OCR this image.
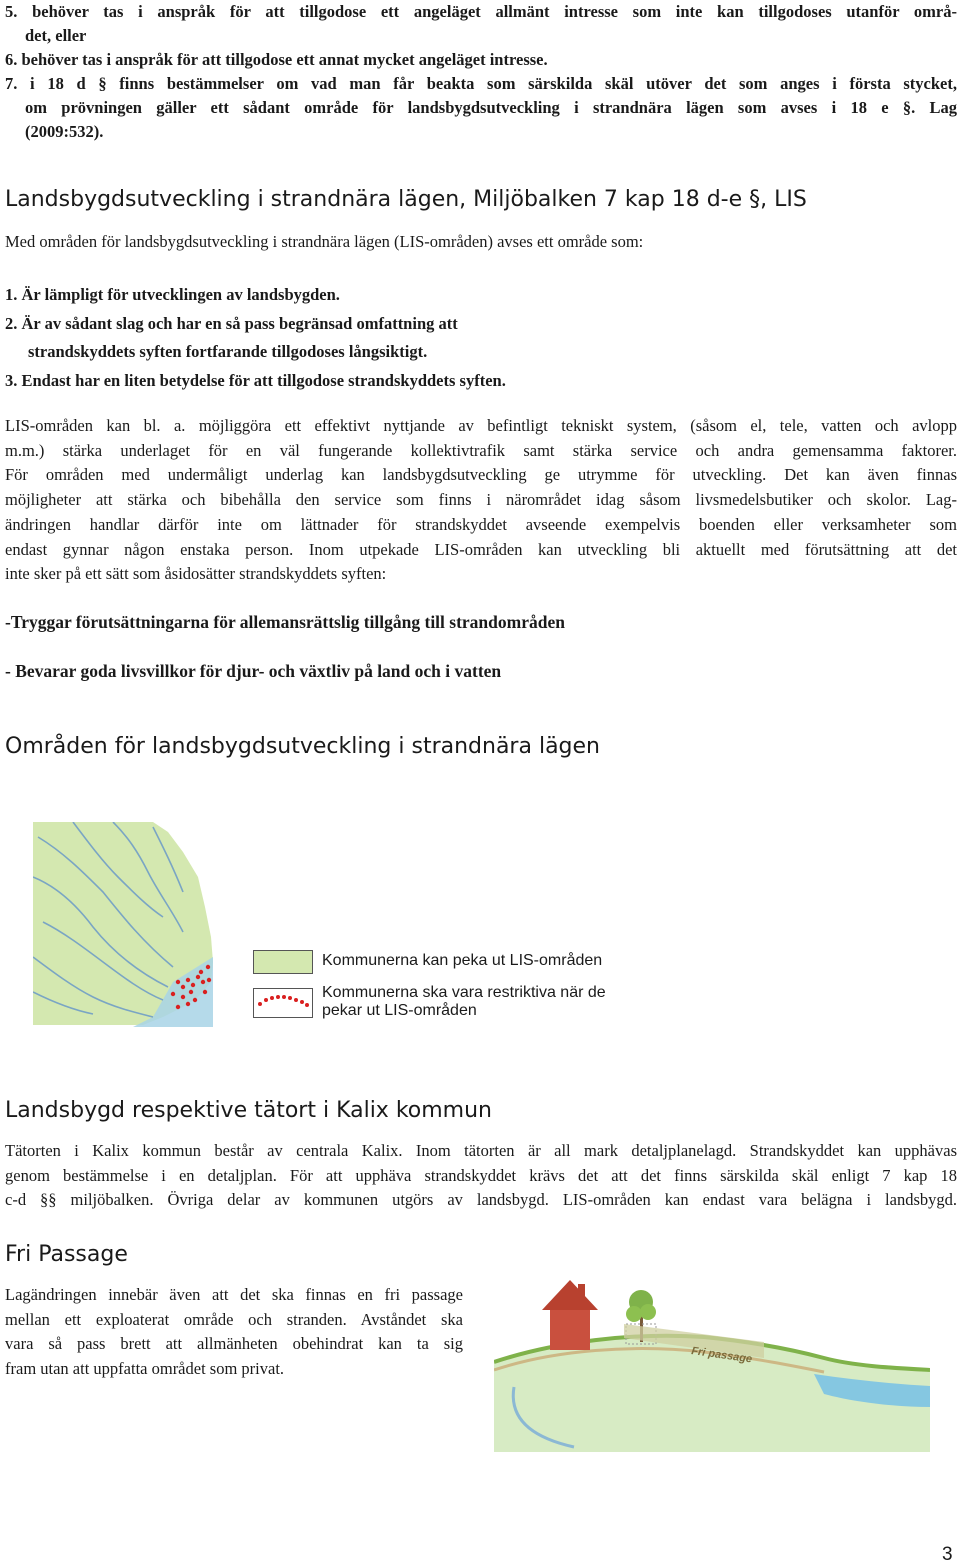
5. behöver tas i anspråk för att tillgodose ett angeläget allmänt intresse som inte kan tillgodoses utanför områ-
det, eller
6. behöver tas i anspråk för att tillgodose ett annat mycket angeläget intresse.
7. i 18 d § finns bestämmelser om vad man får beakta som särskilda skäl utöver det som anges i första stycket,
om prövningen gäller ett sådant område för landsbygdsutveckling i strandnära lägen som avses i 18 e §. Lag
(2009:532).
Landsbygdsutveckling i strandnära lägen, Miljöbalken 7 kap 18 d-e §, LIS
Med områden för landsbygdsutveckling i strandnära lägen (LIS-områden) avses ett område som:
1. Är lämpligt för utvecklingen av landsbygden.
2. Är av sådant slag och har en så pass begränsad omfattning att
strandskyddets syften fortfarande tillgodoses långsiktigt.
3. Endast har en liten betydelse för att tillgodose strandskyddets syften.
LIS-områden kan bl. a. möjliggöra ett effektivt nyttjande av befintligt tekniskt system, (såsom el, tele, vatten och avlopp
m.m.) stärka underlaget för en väl fungerande kollektivtrafik samt stärka service och andra gemensamma faktorer.
För områden med undermåligt underlag kan landsbygdsutveckling ge utrymme för utveckling. Det kan även finnas
möjligheter att stärka och bibehålla den service som finns i närområdet idag såsom livsmedelsbutiker och skolor. Lag-
ändringen handlar därför inte om lättnader för strandskyddet avseende exempelvis boenden eller verksamheter som
endast gynnar någon enstaka person. Inom utpekade LIS-områden kan utveckling bli aktuellt med förutsättning att det
inte sker på ett sätt som åsidosätter strandskyddets syften:
-Tryggar förutsättningarna för allemansrättslig tillgång till strandområden
- Bevarar goda livsvillkor för djur- och växtliv på land och i vatten
Områden för landsbygdsutveckling i strandnära lägen
Kommunerna kan peka ut LIS-områden
Kommunerna ska vara restriktiva när de
pekar ut LIS-områden
Landsbygd respektive tätort i Kalix kommun
Tätorten i Kalix kommun består av centrala Kalix. Inom tätorten är all mark detaljplanelagd. Strandskyddet kan upphävas
genom bestämmelse i en detaljplan. För att upphäva strandskyddet krävs det att det finns särskilda skäl enligt 7 kap 18
c-d §§ miljöbalken. Övriga delar av kommunen utgörs av landsbygd. LIS-områden kan endast vara belägna i landsbygd.
Fri Passage
Lagändringen innebär även att det ska finnas en fri passage
mellan ett exploaterat område och stranden. Avståndet ska
vara så pass brett att allmänheten obehindrat kan ta sig
fram utan att uppfatta området som privat.
Fri passage
3
